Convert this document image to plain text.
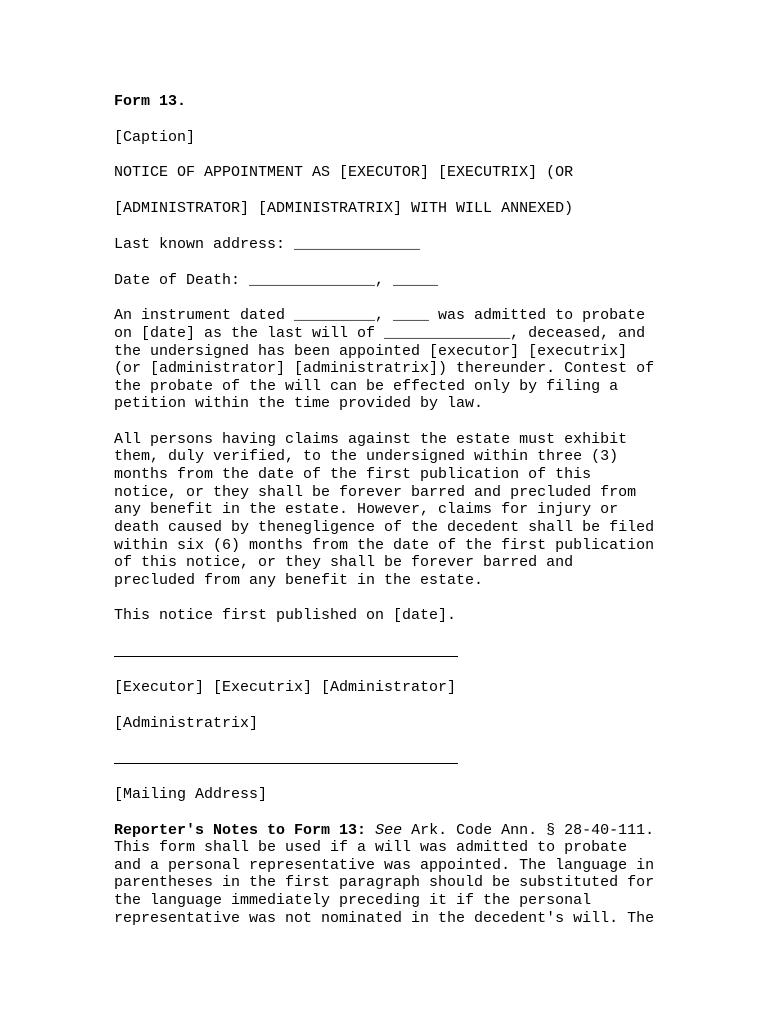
Form 13.
[Caption]
NOTICE OF APPOINTMENT AS [EXECUTOR] [EXECUTRIX] (OR
[ADMINISTRATOR] [ADMINISTRATRIX] WITH WILL ANNEXED)
Last known address: ______________
Date of Death: ______________, _____
An instrument dated _________, ____ was admitted to probate
on [date] as the last will of ______________, deceased, and
the undersigned has been appointed [executor] [executrix]
(or [administrator] [administratrix]) thereunder. Contest of
the probate of the will can be effected only by filing a
petition within the time provided by law.
All persons having claims against the estate must exhibit
them, duly verified, to the undersigned within three (3)
months from the date of the first publication of this
notice, or they shall be forever barred and precluded from
any benefit in the estate. However, claims for injury or
death caused by thenegligence of the decedent shall be filed
within six (6) months from the date of the first publication
of this notice, or they shall be forever barred and
precluded from any benefit in the estate.
This notice first published on [date].
[Executor] [Executrix] [Administrator]
[Administratrix]
[Mailing Address]
Reporter's Notes to Form 13: See Ark. Code Ann. § 28-40-111.
This form shall be used if a will was admitted to probate
and a personal representative was appointed. The language in
parentheses in the first paragraph should be substituted for
the language immediately preceding it if the personal
representative was not nominated in the decedent's will. The
